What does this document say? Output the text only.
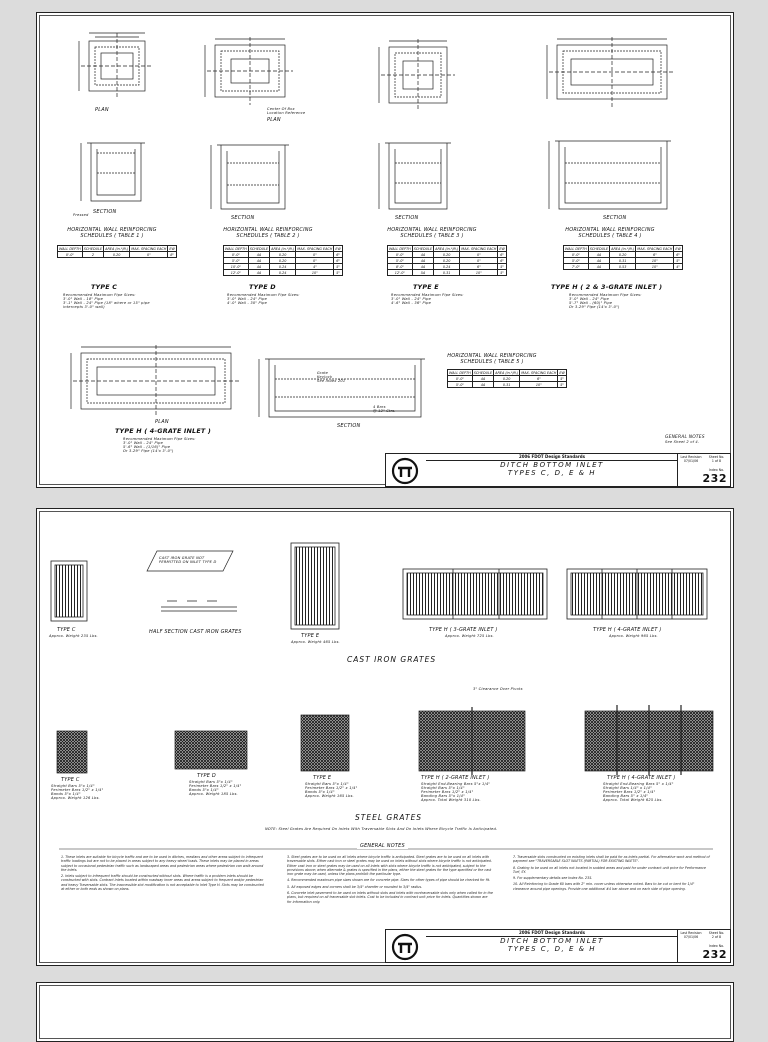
PLAN
PLAN
SECTION
SECTION	SECTION	SECTION
PLAN
SECTION
Center Of Box
Location Reference
Grate
Keylock
See Index 201
4 Bars
@ 12" Ctrs.
Pressed
HORIZONTAL WALL REINFORCING SCHEDULES ( TABLE 1 )
WALL DEPTH	SCHEDULE	AREA (in.²/ft.)	MAX. SPACING EACH	EW
0'-0"	2	0.20	0"	8"
TYPE C
Recommended Maximum Pipe Sizes:
3'-0" Wall - 18" Pipe
3'-1" Wall - 24" Pipe (18" where or 15" pipe
intercepts 3'-0" wall)
HORIZONTAL WALL REINFORCING SCHEDULES ( TABLE 2 )
WALL DEPTH	SCHEDULE	AREA (in.²/ft.)	MAX. SPACING EACH	EW
0'-0"	4A	0.20	0"	6"
5'-0"	4A	0.20	0"	6"
10'-0"	4A	0.24	4"	5"
12'-0"	4A	0.24	10"	5"
TYPE D
Recommended Maximum Pipe Sizes:
3'-0" Wall - 24" Pipe
4'-0" Wall - 30" Pipe
HORIZONTAL WALL REINFORCING SCHEDULES ( TABLE 3 )
WALL DEPTH	SCHEDULE	AREA (in.²/ft.)	MAX. SPACING EACH	EW
0'-0"	4A	0.20	0"	6"
5'-0"	4A	0.20	0"	6"
8'-0"	4A	0.24	6"	5"
12'-0"	5A	0.31	10"	5"
TYPE E
Recommended Maximum Pipe Sizes:
3'-0" Wall - 24" Pipe
4'-6" Wall - 36" Pipe
HORIZONTAL WALL REINFORCING SCHEDULES ( TABLE 4 )
WALL DEPTH	SCHEDULE	AREA (in.²/ft.)	MAX. SPACING EACH	EW
0'-0"	4A	0.20	6"	6"
5'-0"	4A	0.31	10"	5"
7'-0"	4A	0.53	10"	4"
TYPE H ( 2 & 3-GRATE INLET )
Recommended Maximum Pipe Sizes:
3'-0" Wall - 24" Pipe
5'-7" Wall - (60)" Pipe
Or 3-29" Pipe (14'x 3'-0")
HORIZONTAL WALL REINFORCING SCHEDULES ( TABLE 5 )
WALL DEPTH	SCHEDULE	AREA (in.²/ft.)	MAX. SPACING EACH	EW
0'-0"	4A	0.20	6"	5"
5'-0"	4A	0.31	10"	5"
TYPE H ( 4-GRATE INLET )
Recommended Maximum Pipe Sizes:
3'-0" Wall - 24" Pipe
5'-6" Wall - (1/16)" Pipe
Or 3-29" Pipe (14'x 3'-0")
GENERAL NOTES
See Sheet 2 of 4.
2006 FDOT Design Standards
DITCH BOTTOM INLET
TYPES C, D, E & H
Last Revision
07/01/06
Sheet No.
1 of 8
Index No.
232
CAST IRON GRATE NOT
PERMITTED ON INLET TYPE D
TYPE C
Approx. Weight 235 Lbs.
HALF SECTION CAST IRON GRATES
TYPE E
Approx. Weight 465 Lbs.
TYPE H ( 3-GRATE INLET )
Approx. Weight 725 Lbs.
TYPE H ( 4-GRATE INLET )
Approx. Weight 965 Lbs.
CAST IRON GRATES
TYPE C
Straight Bars 5"x 1/4"
Perimeter Bars 1/2" x 1/4"
Bands 5"x 1/4"
Approx. Weight 126 Lbs.
TYPE D
Straight Bars 5"x 1/4"
Perimeter Bars 1/2" x 1/4"
Bands 5"x 1/4"
Approx. Weight 185 Lbs.
TYPE E
Straight Bars 5"x 1/4"
Perimeter Bars 1/2" x 1/4"
Bands 5"x 1/4"
Approx. Weight 165 Lbs.
TYPE H ( 2-GRATE INLET )
Straight End-Bearing Bars 5"x 1/4"
Straight Bars 5"x 1/4"
Perimeter Bars 1/2" x 1/4"
Banding Bars 5"x 1/4"
Approx. Total Weight 310 Lbs.
3" Clearance Over Pivots
TYPE H ( 4-GRATE INLET )
Straight End-Bearing Bars 5" x 1/4"
Straight Bars 1/4" x 1/4"
Perimeter Bars 1/2" x 1/4"
Banding Bars 5" x 1/4"
Approx. Total Weight 625 Lbs.
STEEL GRATES
NOTE: Steel Grates Are Required On Inlets With Traversable Slots And On Inlets Where Bicycle Traffic Is Anticipated.
GENERAL NOTES

1. These inlets are suitable for bicycle traffic and are to be used in ditches, medians and other areas subject to infrequent traffic loadings but are not to be placed in areas subject to any heavy wheel loads. These inlets may be placed in areas subject to occasional pedestrian traffic such as landscaped areas and pedestrian areas where pedestrian can walk around the inlets.

2. Inlets subject to infrequent traffic should be constructed without slots. Where traffic is a problem inlets should be constructed with slots. Contract Inlets located within roadway inner areas and areas subject to frequent and/or pedestrian and heavy Traversable slots. The inaccessible slot modification is not acceptable to Inlet Type H. Slots may be constructed at either or both ends as shown on plans.

3. Steel grates are to be used on all inlets where bicycle traffic is anticipated. Steel grates are to be used on all inlets with traversable slots. Either cast iron or steel grates may be used on inlets without slots where bicycle traffic is not anticipated. Either cast iron or steel grates may be used on all inlets with slots where bicycle traffic is not anticipated, subject to the provisions above; when alternate & grates is specified in the plans, either the steel grates for the type specified or the cast iron grate may be used, unless the plans prohibit the particular type.

4. Recommended maximum pipe sizes shown are for concrete pipe. Sizes for other types of pipe should be checked for fit.

5. All exposed edges and corners shall be 3/4" chamfer or rounded to 3/4" radius.

6. Concrete inlet pavement to be used on inlets without slots and inlets with nontraversable slots only when called for in the plans, but required on all traversable slot inlets. Cost to be included in contract unit price for inlets. Quantities shown are for information only.

7. Traversable slots constructed on existing inlets shall be paid for as inlets partial. For alternative work and method of payment see "TRAVERSABLE SLOT INLETS (PARTIAL) FOR EXISTING INLETS".

8. Grating to be used on all inlets not located in sodded areas and paid for under contract unit price for Performance Turf, SY.

9. For supplementary details see Index No. 235.

10. All Reinforcing to Grade 60 bars with 2" min. cover unless otherwise noted. Bars to be cut or bent for 1/4" clearance around pipe openings. Provide one additional #4 bar above and on each side of pipe opening.

2006 FDOT Design Standards
DITCH BOTTOM INLET
TYPES C, D, E & H
Last Revision
07/01/06
Sheet No.
2 of 8
Index No.
232
